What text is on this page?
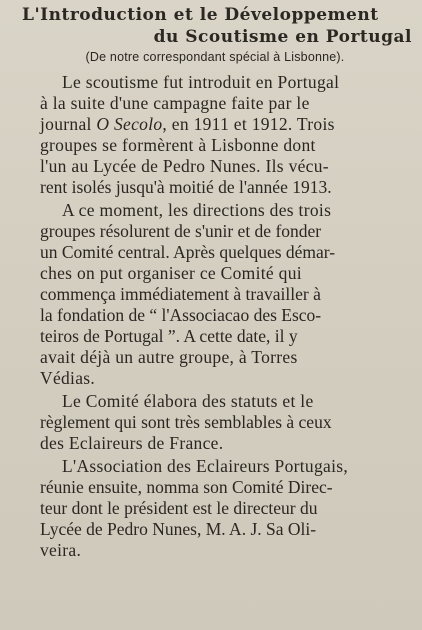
L'Introduction et le Développement
du Scoutisme en Portugal
(De notre correspondant spécial à Lisbonne).
Le scoutisme fut introduit en Portugal
à la suite d'une campagne faite par le
journal O Secolo, en 1911 et 1912. Trois
groupes se formèrent à Lisbonne dont
l'un au Lycée de Pedro Nunes. Ils vécu-
rent isolés jusqu'à moitié de l'année 1913.
A ce moment, les directions des trois
groupes résolurent de s'unir et de fonder
un Comité central. Après quelques démar-
ches on put organiser ce Comité qui
commença immédiatement à travailler à
la fondation de “ l'Associacao des Esco-
teiros de Portugal ”. A cette date, il y
avait déjà un autre groupe, à Torres
Védias.
Le Comité élabora des statuts et le
règlement qui sont très semblables à ceux
des Eclaireurs de France.
L'Association des Eclaireurs Portugais,
réunie ensuite, nomma son Comité Direc-
teur dont le président est le directeur du
Lycée de Pedro Nunes, M. A. J. Sa Oli-
veira.
